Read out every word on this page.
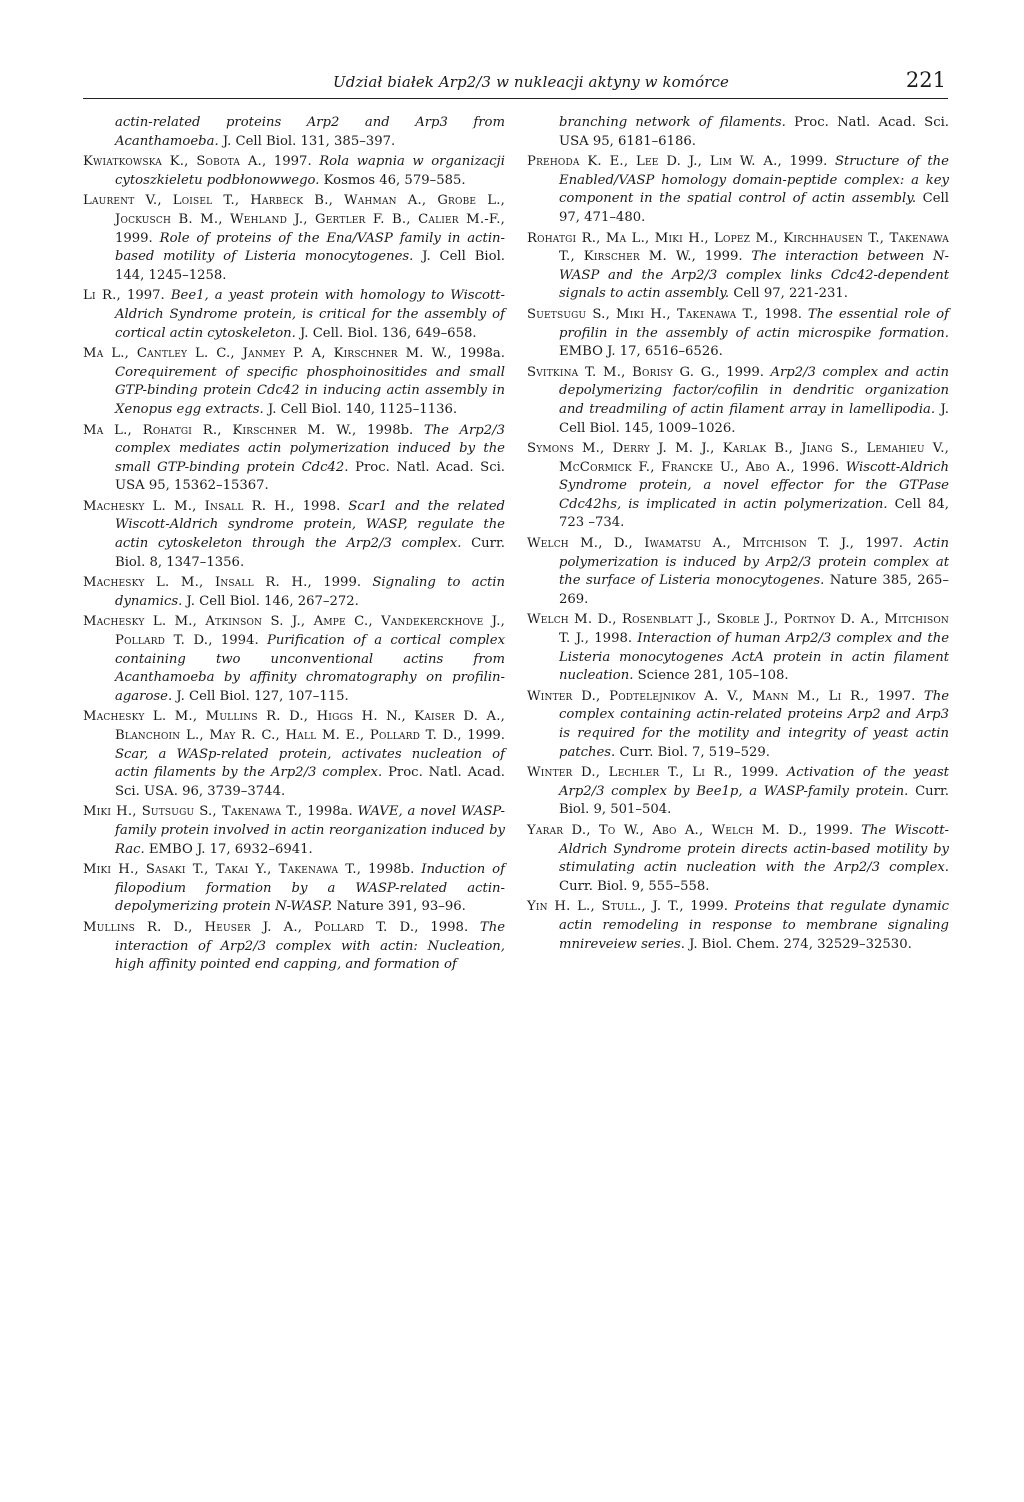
Udział białek Arp2/3 w nukleacji aktyny w komórce	221

actin-related proteins Arp2 and Arp3 from Acanthamoeba. J. Cell Biol. 131, 385–397.

Kwiatkowska K., Sobota A., 1997. Rola wapnia w organizacji cytoszkieletu podbłonowwego. Kosmos 46, 579–585.

Laurent V., Loisel T., Harbeck B., Wahman A., Grobe L., Jockusch B. M., Wehland J., Gertler F. B., Calier M.-F., 1999. Role of proteins of the Ena/VASP family in actin-based motility of Listeria monocytogenes. J. Cell Biol. 144, 1245–1258.

Li R., 1997. Bee1, a yeast protein with homology to Wiscott-Aldrich Syndrome protein, is critical for the assembly of cortical actin cytoskeleton. J. Cell. Biol. 136, 649–658.

Ma L., Cantley L. C., Janmey P. A, Kirschner M. W., 1998a. Corequirement of specific phosphoinositides and small GTP-binding protein Cdc42 in inducing actin assembly in Xenopus egg extracts. J. Cell Biol. 140, 1125–1136.

Ma L., Rohatgi R., Kirschner M. W., 1998b. The Arp2/3 complex mediates actin polymerization induced by the small GTP-binding protein Cdc42. Proc. Natl. Acad. Sci. USA 95, 15362–15367.

Machesky L. M., Insall R. H., 1998. Scar1 and the related Wiscott-Aldrich syndrome protein, WASP, regulate the actin cytoskeleton through the Arp2/3 complex. Curr. Biol. 8, 1347–1356.

Machesky L. M., Insall R. H., 1999. Signaling to actin dynamics. J. Cell Biol. 146, 267–272.

Machesky L. M., Atkinson S. J., Ampe C., Vandekerckhove J., Pollard T. D., 1994. Purification of a cortical complex containing two unconventional actins from Acanthamoeba by affinity chromatography on profilin-agarose. J. Cell Biol. 127, 107–115.

Machesky L. M., Mullins R. D., Higgs H. N., Kaiser D. A., Blanchoin L., May R. C., Hall M. E., Pollard T. D., 1999. Scar, a WASp-related protein, activates nucleation of actin filaments by the Arp2/3 complex. Proc. Natl. Acad. Sci. USA. 96, 3739–3744.

Miki H., Sutsugu S., Takenawa T., 1998a. WAVE, a novel WASP-family protein involved in actin reorganization induced by Rac. EMBO J. 17, 6932–6941.

Miki H., Sasaki T., Takai Y., Takenawa T., 1998b. Induction of filopodium formation by a WASP-related actin-depolymerizing protein N-WASP. Nature 391, 93–96.

Mullins R. D., Heuser J. A., Pollard T. D., 1998. The interaction of Arp2/3 complex with actin: Nucleation, high affinity pointed end capping, and formation of

branching network of filaments. Proc. Natl. Acad. Sci. USA 95, 6181–6186.

Prehoda K. E., Lee D. J., Lim W. A., 1999. Structure of the Enabled/VASP homology domain-peptide complex: a key component in the spatial control of actin assembly. Cell 97, 471–480.

Rohatgi R., Ma L., Miki H., Lopez M., Kirchhausen T., Takenawa T., Kirscher M. W., 1999. The interaction between N-WASP and the Arp2/3 complex links Cdc42-dependent signals to actin assembly. Cell 97, 221-231.

Suetsugu S., Miki H., Takenawa T., 1998. The essential role of profilin in the assembly of actin microspike formation. EMBO J. 17, 6516–6526.

Svitkina T. M., Borisy G. G., 1999. Arp2/3 complex and actin depolymerizing factor/cofilin in dendritic organization and treadmiling of actin filament array in lamellipodia. J. Cell Biol. 145, 1009–1026.

Symons M., Derry J. M. J., Karlak B., Jiang S., Lemahieu V., McCormick F., Francke U., Abo A., 1996. Wiscott-Aldrich Syndrome protein, a novel effector for the GTPase Cdc42hs, is implicated in actin polymerization. Cell 84, 723 –734.

Welch M., D., Iwamatsu A., Mitchison T. J., 1997. Actin polymerization is induced by Arp2/3 protein complex at the surface of Listeria monocytogenes. Nature 385, 265–269.

Welch M. D., Rosenblatt J., Skoble J., Portnoy D. A., Mitchison T. J., 1998. Interaction of human Arp2/3 complex and the Listeria monocytogenes ActA protein in actin filament nucleation. Science 281, 105–108.

Winter D., Podtelejnikov A. V., Mann M., Li R., 1997. The complex containing actin-related proteins Arp2 and Arp3 is required for the motility and integrity of yeast actin patches. Curr. Biol. 7, 519–529.

Winter D., Lechler T., Li R., 1999. Activation of the yeast Arp2/3 complex by Bee1p, a WASP-family protein. Curr. Biol. 9, 501–504.

Yarar D., To W., Abo A., Welch M. D., 1999. The Wiscott-Aldrich Syndrome protein directs actin-based motility by stimulating actin nucleation with the Arp2/3 complex. Curr. Biol. 9, 555–558.

Yin H. L., Stull., J. T., 1999. Proteins that regulate dynamic actin remodeling in response to membrane signaling mnireveiew series. J. Biol. Chem. 274, 32529–32530.
